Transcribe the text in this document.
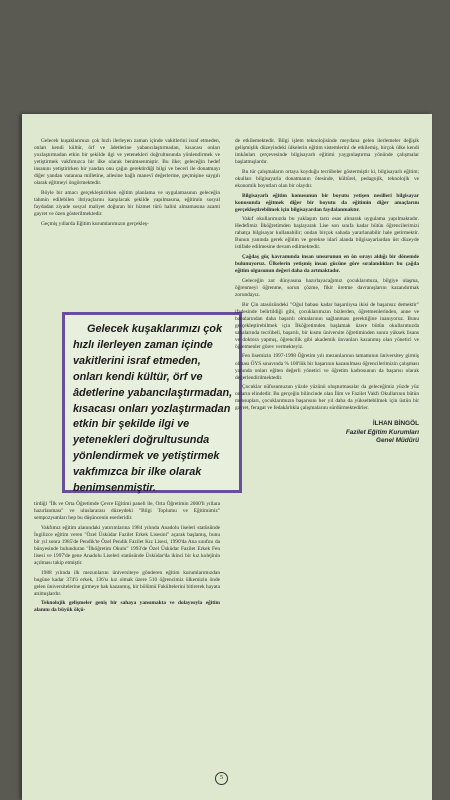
Gelecek kuşaklarımızı çok hızlı ilerleyen zaman içinde vakitlerini israf etmeden, onları kendi kültür, örf ve âdetlerine yabancılaştırmadan, kısacası onları yozlaştırmadan etkin bir şekilde ilgi ve yetenekleri doğrultusunda yönlendirmek ve yetiştirmek vakfımızca bir ilke olarak benimsenmiştir. Bu ilke; geleceğin hedef insanını yetiştirirken bir yandan onu çağın gerektirdiği bilgi ve beceri ile donatmayı diğer yandan vatanına milletine, ailesine bağlı manevî değerlerine, geçmişine saygılı olarak eğitmeyi öngörmektedir.

Böyle bir amacı gerçekleştirirken eğitim planlama ve uygulamasının geleceğin tahmin edilebilen ihtiyaçlarını karşılacak şekilde yapılmasına, eğitimin sosyal faydadan ziyade sosyal maliyet doğuran bir hizmet türü halini almamasına azami gayret ve özen gösterilmektedir.

Geçmiş yıllarda Eğitim kurumlarımızın gerçekleş-

Gelecek kuşaklarımızı çok hızlı ilerleyen zaman içinde vakitlerini israf etmeden, onları kendi kültür, örf ve âdetlerine yabancılaştırmadan, kısacası onları yozlaştırmadan etkin bir şekilde ilgi ve yetenekleri doğrultusunda yönlendirmek ve yetiştirmek vakfımızca bir ilke olarak benimsenmiştir.

tirdiği "İlk ve Orta Öğretimde Çevre Eğitimi paneli ile, Orta Öğretimin 2000'li yıllara hazırlanması" ve uluslararası düzeydeki "Bilgi Toplumu ve Eğitimimiz" sempozyumları hep bu düşüncenin eserleridir.

Vakfımız eğitim alanındaki yatırımlarına 1984 yılında Anadolu liseleri statüsünde İngilizce eğitim veren "Özel Üsküdar Fazilet Erkek Lisesini" açarak başlamış, bunu bir yıl sonra 1985'de Pendik'te Özel Pendik Fazilet Kız Lisesi, 1990'da Ana sınıfını da bünyesinde bulunduran "İlköğretim Okulu" 1993'de Özel Üsküdar Fazilet Erkek Fen lisesi ve 1997'de gene Anadolu Liseleri statüsünde Üsküdar'da ikinci bir kız kolejinin açılması takip etmiştir.

1988 yılında ilk mezunlarını üniversiteye gönderen eğitim kurumlarımızdan bugüne kadar 374'ü erkek, 136'sı kız olmak üzere 510 öğrencimiz ülkemizin önde gelen üniversitelerine girmeye hak kazanmış, bir bölümü Fakültelerini bitirerek hayata atılmışlardır.

Teknolojik gelişmeler geniş bir sahaya yansımakta ve dolayısıyla eğitim alanını da büyük ölçü-

de etkilemektedir. Bilgi işlem teknolojisinde meydana gelen ilerlemeler değişik gelişmişlik düzeyindeki ülkelerin eğitim sistemlerini de etkilemiş, birçok ülke kendi imkânları çerçevesinde bilgisayarlı eğitimi yaygınlaştırma yönünde çalışmalar başlatmışlardır.

Bu tür çalışmaların ortaya koyduğu tecrübeler göstermiştir ki, bilgisayarlı eğitim; okulları bilgisayarla donatmanın ötesinde, kültürel, pedagojik, teknolojik ve ekonomik boyutları olan bir olaydır.

Bilgisayarlı eğitim konusunun bir boyutu yetişen nesilleri bilgisayar konusunda eğitmek diğer bir boyutu da eğitimin diğer amaçlarını gerçekleştirebilmek için bilgisayardan faydalanmaktır.

Vakıf okullarımızda bu yaklaşım tarzı esas alınarak uygulama yapılmaktadır. Hedefimiz İlköğretimden başlayarak Lise son sınıfa kadar bütün öğrencilerimizi rahatça bilgisayar kullanabilir; ondan birçok sahada yararlanabilir hale getirmektir. Bunun yanında gerek eğitim ve gerekse idarî alanda bilgisayarlardan üst düzeyde istifade edilmesine devam edilmektedir.

Çağdaş güç kavramında insan unsurunun en ön sırayı aldığı bir dönemde bulunuyoruz. Ülkelerin yetişmiş insan gücüne göre sıralandıkları bu çağda eğitim olgusunun değeri daha da artmaktadır.

Geleceğin zor dünyasına hazırlayacağımız çocuklarımıza, bilgiye ulaşma, öğrenmeyi öğrenme, sorun çözme, fikir üretme davranışlarını kazandırmak zorundayız.

Bir Çin atasözündeki "Oğul babası kadar başarılıysa ikisi de başarısız demektir" ifadesinde belirtildiği gibi, çocuklarımızın bizlerden, öğretmenlerinden, anne ve babalarından daha başarılı olmalarının sağlanması gerektiğine inanıyoruz. Bunu gerçekleştirebilmek için İlköğretimden başlamak üzere bütün okullarımızda sahalarında tecrübeli, başarılı, bir kısmı üniversite öğretiminden sonra yüksek lisans ve doktora yapmış, öğrencilik gibi akademik ünvanları kazanmış olan yönetici ve öğretmenler görev vermekteyiz.

Fen lisemizin 1997-1998 Öğretim yılı mezunlarının tamamının üniversitey girmiş olması ÖYS sınavında % 100'lük bir başarının kazanılması öğrencilerimizin çalışması yanında onları eğiten değerli yönetici ve öğretim kadrosunun da başarısı olarak değerlendirilmektedir.

Çocuklar nüfusumuzun yüzde yüzünü oluşturmasalar da geleceğimiz yüzde yüz onların elindedir. Bu gerçeğin bilincinde olan İlim ve Fazilet Vakfı Okullarının bütün mensupları, çocuklarımızın başarısını her yıl daha da yükseltebilmek için üstün bir gayret, feragat ve fedakârlıkla çalışmalarını sürdürmektedirler.

İLHAN BİNGÖL
Fazilet Eğitim Kurumları
Genel Müdürü
5
